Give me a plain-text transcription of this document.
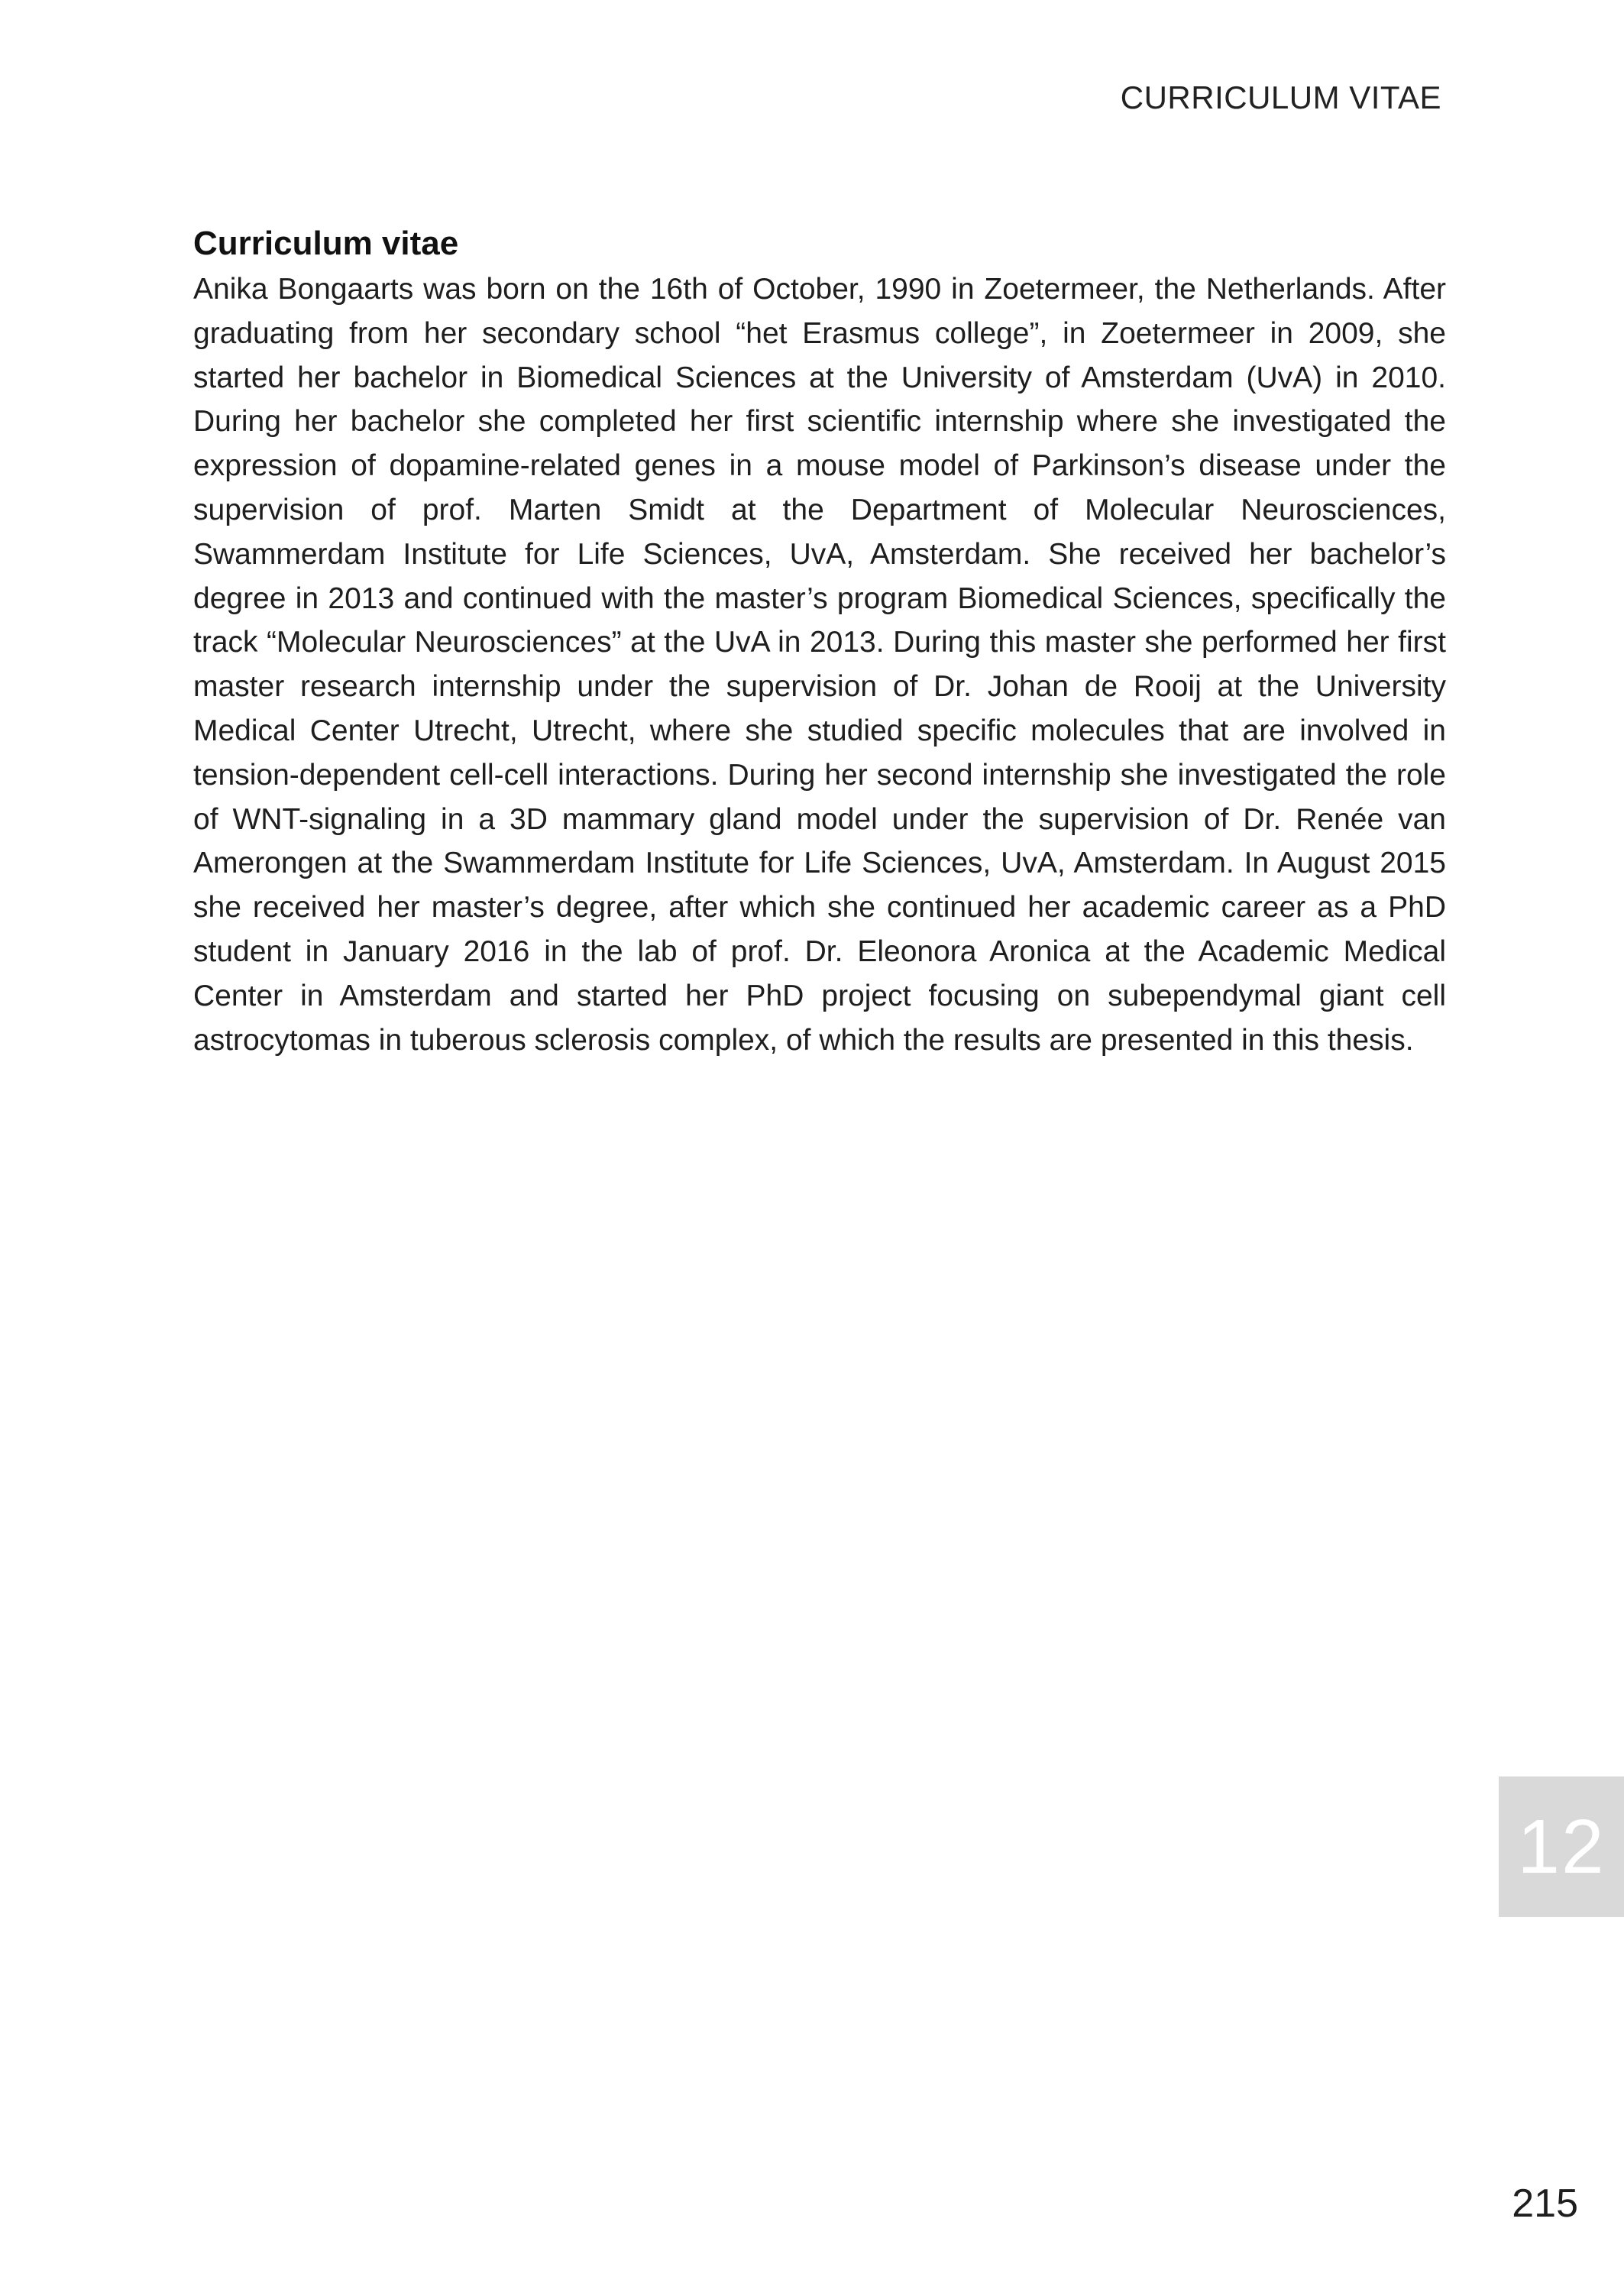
CURRICULUM VITAE
Curriculum vitae

Anika Bongaarts was born on the 16th of October, 1990 in Zoetermeer, the Netherlands. After graduating from her secondary school “het Erasmus college”, in Zoetermeer in 2009, she started her bachelor in Biomedical Sciences at the University of Amsterdam (UvA) in 2010. During her bachelor she completed her first scientific internship where she investigated the expression of dopamine-related genes in a mouse model of Parkinson’s disease under the supervision of prof. Marten Smidt at the Department of Molecular Neurosciences, Swammerdam Institute for Life Sciences, UvA, Amsterdam. She received her bachelor’s degree in 2013 and continued with the master’s program Biomedical Sciences, specifically the track “Molecular Neurosciences” at the UvA in 2013. During this master she performed her first master research internship under the supervision of Dr. Johan de Rooij at the University Medical Center Utrecht, Utrecht, where she studied specific molecules that are involved in tension-dependent cell-cell interactions. During her second internship she investigated the role of WNT-signaling in a 3D mammary gland model under the supervision of Dr. Renée van Amerongen at the Swammerdam Institute for Life Sciences, UvA, Amsterdam. In August 2015 she received her master’s degree, after which she continued her academic career as a PhD student in January 2016 in the lab of prof. Dr. Eleonora Aronica at the Academic Medical Center in Amsterdam and started her PhD project focusing on subependymal giant cell astrocytomas in tuberous sclerosis complex, of which the results are presented in this thesis.

12
215
